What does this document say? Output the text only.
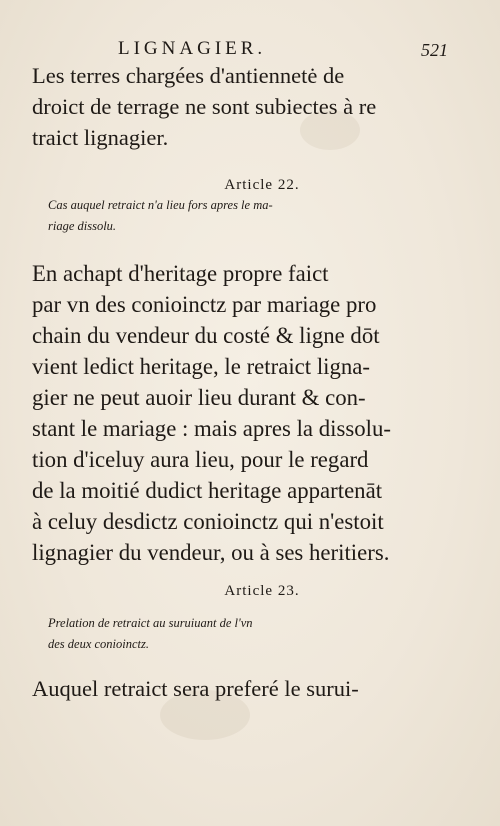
LIGNAGIER.	521
Les terres chargées d'antiennetė de
droict de terrage ne sont subiectes à re
traict lignagier.
Article 22.
Cas auquel retraict n'a lieu fors apres le ma-
riage dissolu.
En achapt d'heritage propre faict
par vn des conioinctz par mariage pro
chain du vendeur du costé & ligne dōt
vient ledict heritage, le retraict ligna-
gier ne peut auoir lieu durant & con-
stant le mariage : mais apres la dissolu-
tion d'iceluy aura lieu, pour le regard
de la moitié dudict heritage appartenāt
à celuy desdictz conioinctz qui n'estoit
lignagier du vendeur, ou à ses heritiers.
Article 23.
Prelation de retraict au suruiuant de l'vn
des deux conioinctz.
Auquel retraict sera preferé le surui-
